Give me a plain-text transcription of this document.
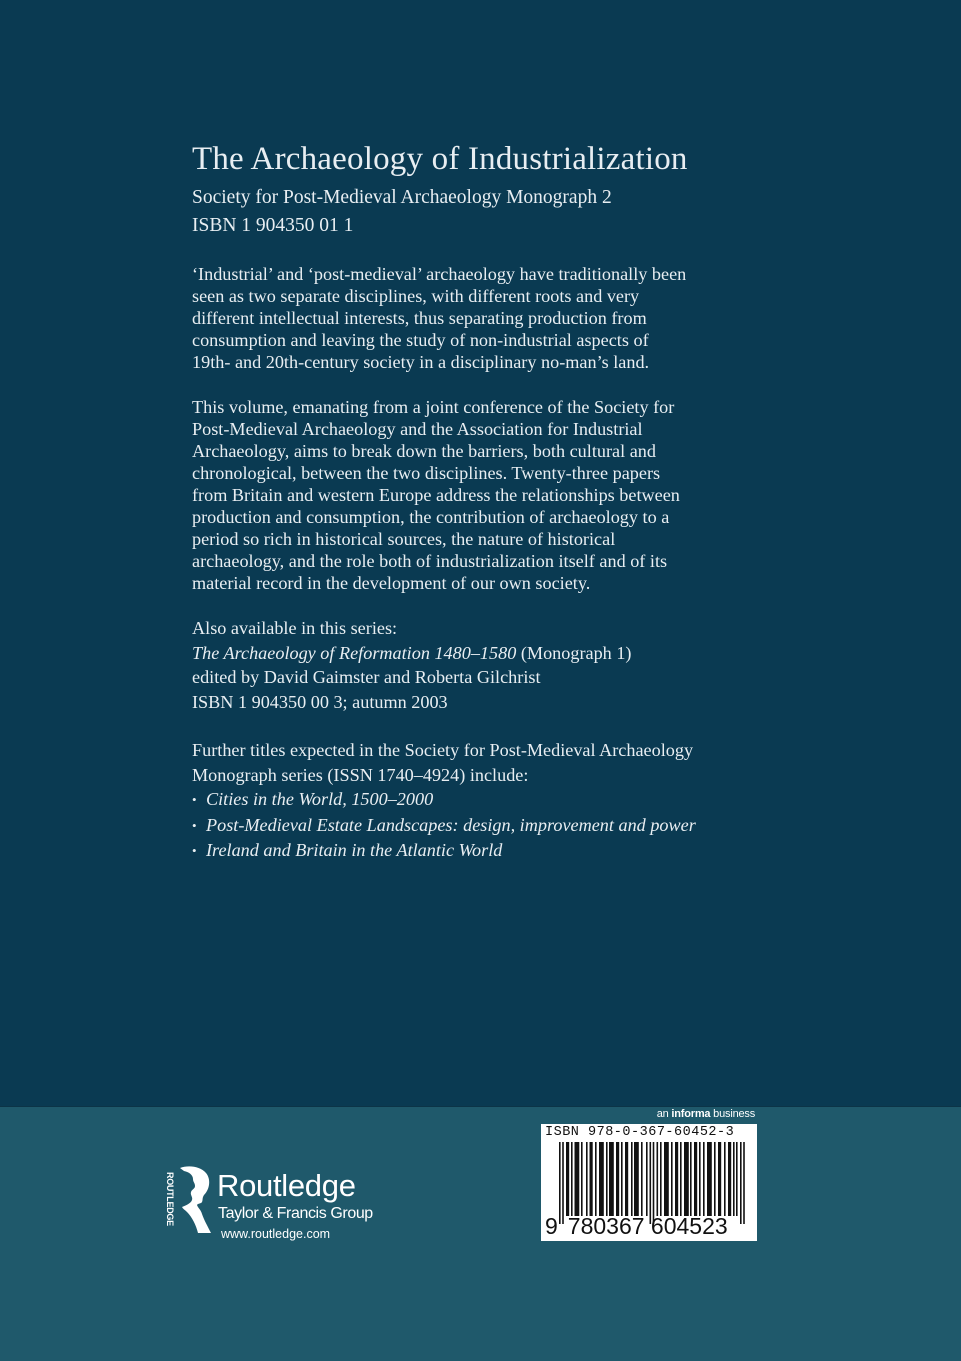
The Archaeology of Industrialization

Society for Post-Medieval Archaeology Monograph 2

ISBN 1 904350 01 1

‘Industrial’ and ‘post-medieval’ archaeology have traditionally been
seen as two separate disciplines, with different roots and very
different intellectual interests, thus separating production from
consumption and leaving the study of non-industrial aspects of
19th- and 20th-century society in a disciplinary no-man’s land.

This volume, emanating from a joint conference of the Society for
Post-Medieval Archaeology and the Association for Industrial
Archaeology, aims to break down the barriers, both cultural and
chronological, between the two disciplines. Twenty-three papers
from Britain and western Europe address the relationships between
production and consumption, the contribution of archaeology to a
period so rich in historical sources, the nature of historical
archaeology, and the role both of industrialization itself and of its
material record in the development of our own society.

Also available in this series:
The Archaeology of Reformation 1480–1580 (Monograph 1)
edited by David Gaimster and Roberta Gilchrist
ISBN 1 904350 00 3; autumn 2003

Further titles expected in the Society for Post-Medieval Archaeology
Monograph series (ISSN 1740–4924) include:
• Cities in the World, 1500–2000
• Post-Medieval Estate Landscapes: design, improvement and power
• Ireland and Britain in the Atlantic World

ROUTLEDGE Routledge
Taylor & Francis Group
www.routledge.com
an informa business
ISBN 978-0-367-60452-3
9 780367 604523
